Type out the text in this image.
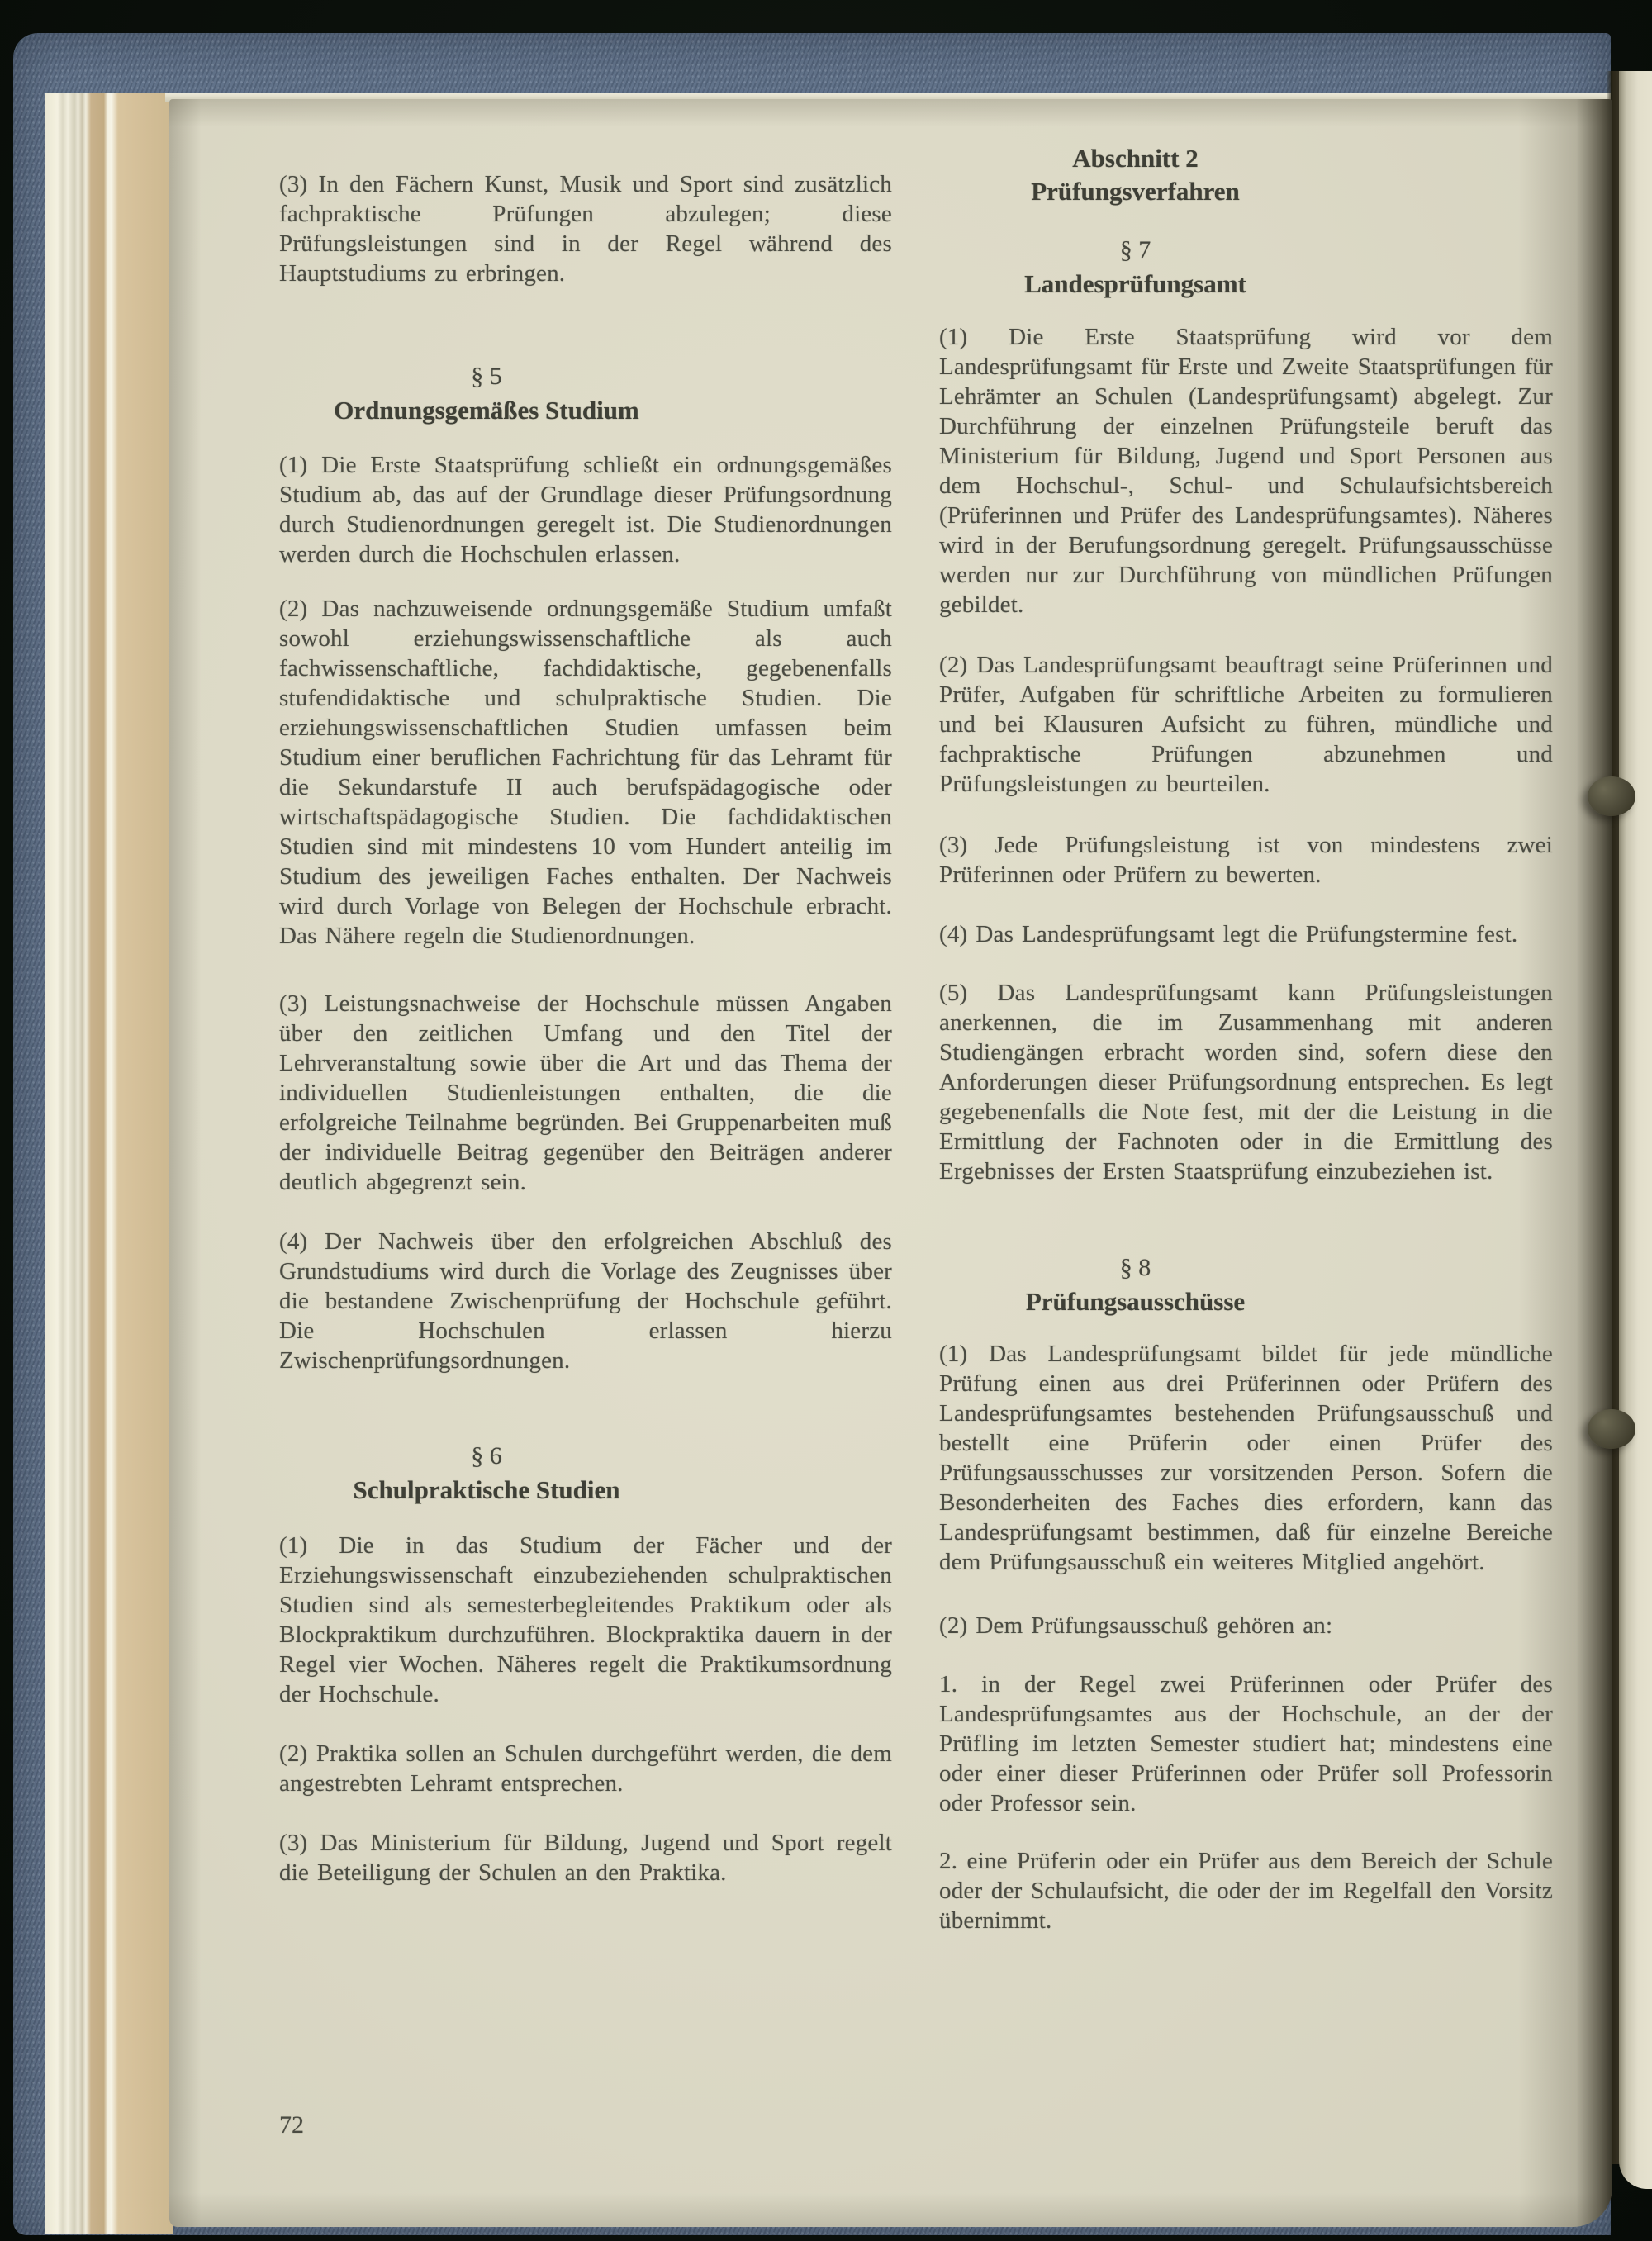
(3) In den Fächern Kunst, Musik und Sport sind zusätzlich fachpraktische Prüfungen abzulegen; diese Prüfungsleistungen sind in der Regel während des Hauptstudiums zu erbringen.

§ 5
Ordnungsgemäßes Studium

(1) Die Erste Staatsprüfung schließt ein ordnungsgemäßes Studium ab, das auf der Grundlage dieser Prüfungsordnung durch Studienordnungen geregelt ist. Die Studienordnungen werden durch die Hochschulen erlassen.

(2) Das nachzuweisende ordnungsgemäße Studium umfaßt sowohl erziehungswissenschaftliche als auch fachwissenschaftliche, fachdidaktische, gegebenenfalls stufendidaktische und schulpraktische Studien. Die erziehungswissenschaftlichen Studien umfassen beim Studium einer beruflichen Fachrichtung für das Lehramt für die Sekundarstufe II auch berufspädagogische oder wirtschaftspädagogische Studien. Die fachdidaktischen Studien sind mit mindestens 10 vom Hundert anteilig im Studium des jeweiligen Faches enthalten. Der Nachweis wird durch Vorlage von Belegen der Hochschule erbracht. Das Nähere regeln die Studienordnungen.

(3) Leistungsnachweise der Hochschule müssen Angaben über den zeitlichen Umfang und den Titel der Lehrveranstaltung sowie über die Art und das Thema der individuellen Studienleistungen enthalten, die die erfolgreiche Teilnahme begründen. Bei Gruppenarbeiten muß der individuelle Beitrag gegenüber den Beiträgen anderer deutlich abgegrenzt sein.

(4) Der Nachweis über den erfolgreichen Abschluß des Grundstudiums wird durch die Vorlage des Zeugnisses über die bestandene Zwischenprüfung der Hochschule geführt. Die Hochschulen erlassen hierzu Zwischenprüfungsordnungen.

§ 6
Schulpraktische Studien

(1) Die in das Studium der Fächer und der Erziehungswissenschaft einzubeziehenden schulpraktischen Studien sind als semesterbegleitendes Praktikum oder als Blockpraktikum durchzuführen. Blockpraktika dauern in der Regel vier Wochen. Näheres regelt die Praktikumsordnung der Hochschule.

(2) Praktika sollen an Schulen durchgeführt werden, die dem angestrebten Lehramt entsprechen.

(3) Das Ministerium für Bildung, Jugend und Sport regelt die Beteiligung der Schulen an den Praktika.

Abschnitt 2
Prüfungsverfahren
§ 7
Landesprüfungsamt

(1) Die Erste Staatsprüfung wird vor dem Landesprüfungsamt für Erste und Zweite Staatsprüfungen für Lehrämter an Schulen (Landesprüfungsamt) abgelegt. Zur Durchführung der einzelnen Prüfungsteile beruft das Ministerium für Bildung, Jugend und Sport Personen aus dem Hochschul-, Schul- und Schulaufsichtsbereich (Prüferinnen und Prüfer des Landesprüfungsamtes). Näheres wird in der Berufungsordnung geregelt. Prüfungsausschüsse werden nur zur Durchführung von mündlichen Prüfungen gebildet.

(2) Das Landesprüfungsamt beauftragt seine Prüferinnen und Prüfer, Aufgaben für schriftliche Arbeiten zu formulieren und bei Klausuren Aufsicht zu führen, mündliche und fachpraktische Prüfungen abzunehmen und Prüfungsleistungen zu beurteilen.

(3) Jede Prüfungsleistung ist von mindestens zwei Prüferinnen oder Prüfern zu bewerten.

(4) Das Landesprüfungsamt legt die Prüfungstermine fest.

(5) Das Landesprüfungsamt kann Prüfungsleistungen anerkennen, die im Zusammenhang mit anderen Studiengängen erbracht worden sind, sofern diese den Anforderungen dieser Prüfungsordnung entsprechen. Es legt gegebenenfalls die Note fest, mit der die Leistung in die Ermittlung der Fachnoten oder in die Ermittlung des Ergebnisses der Ersten Staatsprüfung einzubeziehen ist.

§ 8
Prüfungsausschüsse

(1) Das Landesprüfungsamt bildet für jede mündliche Prüfung einen aus drei Prüferinnen oder Prüfern des Landesprüfungsamtes bestehenden Prüfungsausschuß und bestellt eine Prüferin oder einen Prüfer des Prüfungsausschusses zur vorsitzenden Person. Sofern die Besonderheiten des Faches dies erfordern, kann das Landesprüfungsamt bestimmen, daß für einzelne Bereiche dem Prüfungsausschuß ein weiteres Mitglied angehört.

(2) Dem Prüfungsausschuß gehören an:

1. in der Regel zwei Prüferinnen oder Prüfer des Landesprüfungsamtes aus der Hochschule, an der der Prüfling im letzten Semester studiert hat; mindestens eine oder einer dieser Prüferinnen oder Prüfer soll Professorin oder Professor sein.

2. eine Prüferin oder ein Prüfer aus dem Bereich der Schule oder der Schulaufsicht, die oder der im Regelfall den Vorsitz übernimmt.

72
